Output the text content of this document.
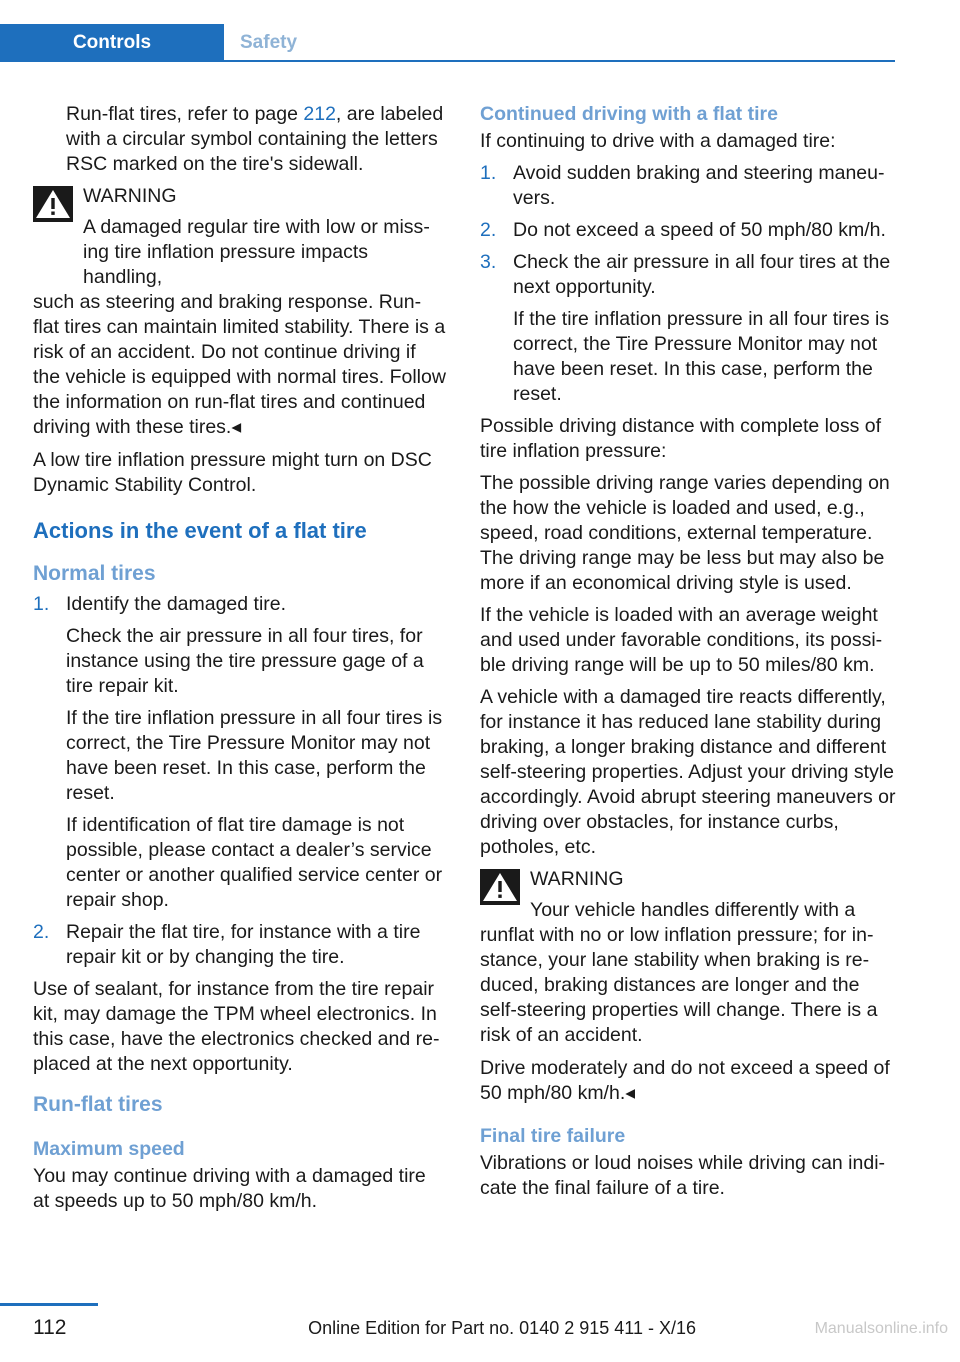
Controls	Safety

Run-flat tires, refer to page 212, are labeled with a circular symbol containing the letters RSC marked on the tire's sidewall.

WARNING
A damaged regular tire with low or missing tire inflation pressure impacts handling,
such as steering and braking response. Run-flat tires can maintain limited stability. There is a risk of an accident. Do not continue driving if the vehicle is equipped with normal tires. Follow the information on run-flat tires and continued driving with these tires.◂

A low tire inflation pressure might turn on DSC Dynamic Stability Control.

Actions in the event of a flat tire
Normal tires
1. Identify the damaged tire.

Check the air pressure in all four tires, for instance using the tire pressure gage of a tire repair kit.

If the tire inflation pressure in all four tires is correct, the Tire Pressure Monitor may not have been reset. In this case, perform the reset.

If identification of flat tire damage is not possible, please contact a dealer’s service center or another qualified service center or repair shop.

2. Repair the flat tire, for instance with a tire repair kit or by changing the tire.

Use of sealant, for instance from the tire repair kit, may damage the TPM wheel electronics. In this case, have the electronics checked and replaced at the next opportunity.

Run-flat tires
Maximum speed

You may continue driving with a damaged tire at speeds up to 50 mph/80 km/h.

Continued driving with a flat tire

If continuing to drive with a damaged tire:

1. Avoid sudden braking and steering maneuvers.
2. Do not exceed a speed of 50 mph/80 km/h.
3. Check the air pressure in all four tires at the next opportunity.

If the tire inflation pressure in all four tires is correct, the Tire Pressure Monitor may not have been reset. In this case, perform the reset.

Possible driving distance with complete loss of tire inflation pressure:

The possible driving range varies depending on the how the vehicle is loaded and used, e.g., speed, road conditions, external temperature. The driving range may be less but may also be more if an economical driving style is used.

If the vehicle is loaded with an average weight and used under favorable conditions, its possible driving range will be up to 50 miles/80 km.

A vehicle with a damaged tire reacts differently, for instance it has reduced lane stability during braking, a longer braking distance and different self-steering properties. Adjust your driving style accordingly. Avoid abrupt steering maneuvers or driving over obstacles, for instance curbs, potholes, etc.

WARNING
Your vehicle handles differently with a
runflat with no or low inflation pressure; for instance, your lane stability when braking is reduced, braking distances are longer and the self-steering properties will change. There is a risk of an accident.

Drive moderately and do not exceed a speed of 50 mph/80 km/h.◂

Final tire failure

Vibrations or loud noises while driving can indicate the final failure of a tire.

112	Online Edition for Part no. 0140 2 915 411 - X/16	Manualsonline.info
